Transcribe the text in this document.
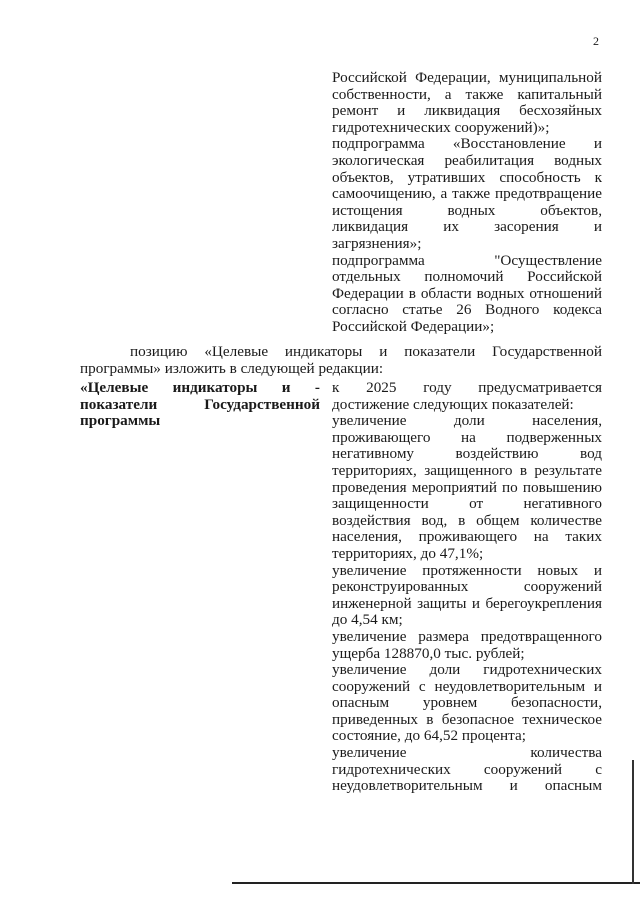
2
Российской Федерации, муниципальной
собственности, а также капитальный
ремонт и ликвидация бесхозяйных
гидротехнических сооружений)»;
подпрограмма «Восстановление и
экологическая реабилитация водных
объектов, утративших способность к
самоочищению, а также предотвращение
истощения водных объектов,
ликвидация их засорения и
загрязнения»;
подпрограмма "Осуществление
отдельных полномочий Российской
Федерации в области водных отношений
согласно статье 26 Водного кодекса
Российской Федерации»;
позицию «Целевые индикаторы и показатели Государственной
программы» изложить в следующей редакции:
«Целевые индикаторы и -
показатели Государственной
программы
к 2025 году предусматривается
достижение следующих показателей:
увеличение доли населения,
проживающего на подверженных
негативному воздействию вод
территориях, защищенного в результате
проведения мероприятий по повышению
защищенности от негативного
воздействия вод, в общем количестве
населения, проживающего на таких
территориях, до 47,1%;
увеличение протяженности новых и
реконструированных сооружений
инженерной защиты и берегоукрепления
до 4,54 км;
увеличение размера предотвращенного
ущерба 128870,0 тыс. рублей;
увеличение доли гидротехнических
сооружений с неудовлетворительным и
опасным уровнем безопасности,
приведенных в безопасное техническое
состояние, до 64,52 процента;
увеличение количества
гидротехнических сооружений с
неудовлетворительным и опасным
